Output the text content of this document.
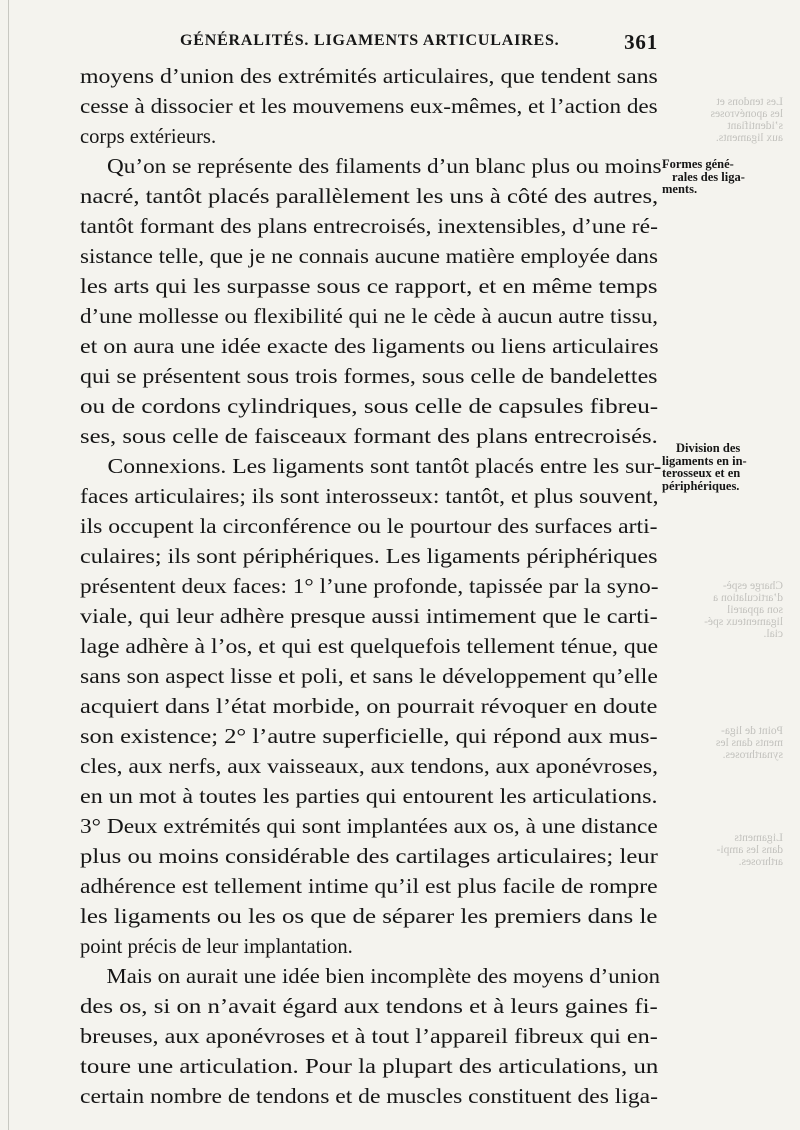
GÉNÉRALITÉS. LIGAMENTS ARTICULAIRES.	361
moyens d’union des extrémités articulaires, que tendent sans
cesse à dissocier et les mouvemens eux-mêmes, et l’action des
corps extérieurs.
Qu’on se représente des filaments d’un blanc plus ou moins
nacré, tantôt placés parallèlement les uns à côté des autres,
tantôt formant des plans entrecroisés, inextensibles, d’une ré-
sistance telle, que je ne connais aucune matière employée dans
les arts qui les surpasse sous ce rapport, et en même temps
d’une mollesse ou flexibilité qui ne le cède à aucun autre tissu,
et on aura une idée exacte des ligaments ou liens articulaires
qui se présentent sous trois formes, sous celle de bandelettes
ou de cordons cylindriques, sous celle de capsules fibreu-
ses, sous celle de faisceaux formant des plans entrecroisés.
Connexions. Les ligaments sont tantôt placés entre les sur-
faces articulaires; ils sont interosseux: tantôt, et plus souvent,
ils occupent la circonférence ou le pourtour des surfaces arti-
culaires; ils sont périphériques. Les ligaments périphériques
présentent deux faces: 1° l’une profonde, tapissée par la syno-
viale, qui leur adhère presque aussi intimement que le carti-
lage adhère à l’os, et qui est quelquefois tellement ténue, que
sans son aspect lisse et poli, et sans le développement qu’elle
acquiert dans l’état morbide, on pourrait révoquer en doute
son existence; 2° l’autre superficielle, qui répond aux mus-
cles, aux nerfs, aux vaisseaux, aux tendons, aux aponévroses,
en un mot à toutes les parties qui entourent les articulations.
3° Deux extrémités qui sont implantées aux os, à une distance
plus ou moins considérable des cartilages articulaires; leur
adhérence est tellement intime qu’il est plus facile de rompre
les ligaments ou les os que de séparer les premiers dans le
point précis de leur implantation.
Mais on aurait une idée bien incomplète des moyens d’union
des os, si on n’avait égard aux tendons et à leurs gaines fi-
breuses, aux aponévroses et à tout l’appareil fibreux qui en-
toure une articulation. Pour la plupart des articulations, un
certain nombre de tendons et de muscles constituent des liga-
Formes géné-
rales des liga-
ments.
Division des
ligaments en in-
terosseux et en
périphériques.
Les tendons et
les aponévroses
s’identifiant
aux ligaments.
Charge espè-
d’articulation a
son appareil
ligamenteux spé-
cial.
Point de liga-
ments dans les
synarthroses.
Ligaments
dans les ampi-
arthroses.
